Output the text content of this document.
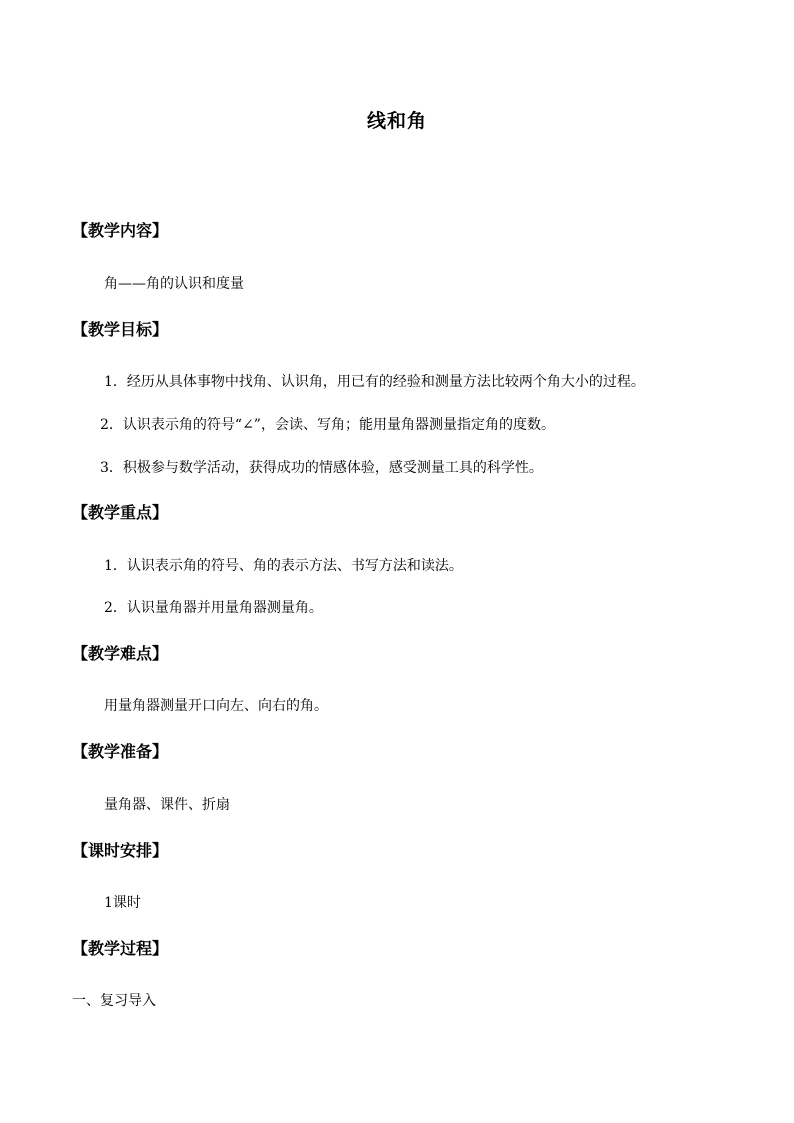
线和角
【教学内容】
角——角的认识和度量
【教学目标】
1．经历从具体事物中找角、认识角，用已有的经验和测量方法比较两个角大小的过程。
2．认识表示角的符号“∠”，会读、写角；能用量角器测量指定角的度数。
3．积极参与数学活动，获得成功的情感体验，感受测量工具的科学性。
【教学重点】
1．认识表示角的符号、角的表示方法、书写方法和读法。
2．认识量角器并用量角器测量角。
【教学难点】
用量角器测量开口向左、向右的角。
【教学准备】
量角器、课件、折扇
【课时安排】
1课时
【教学过程】
一、复习导入
